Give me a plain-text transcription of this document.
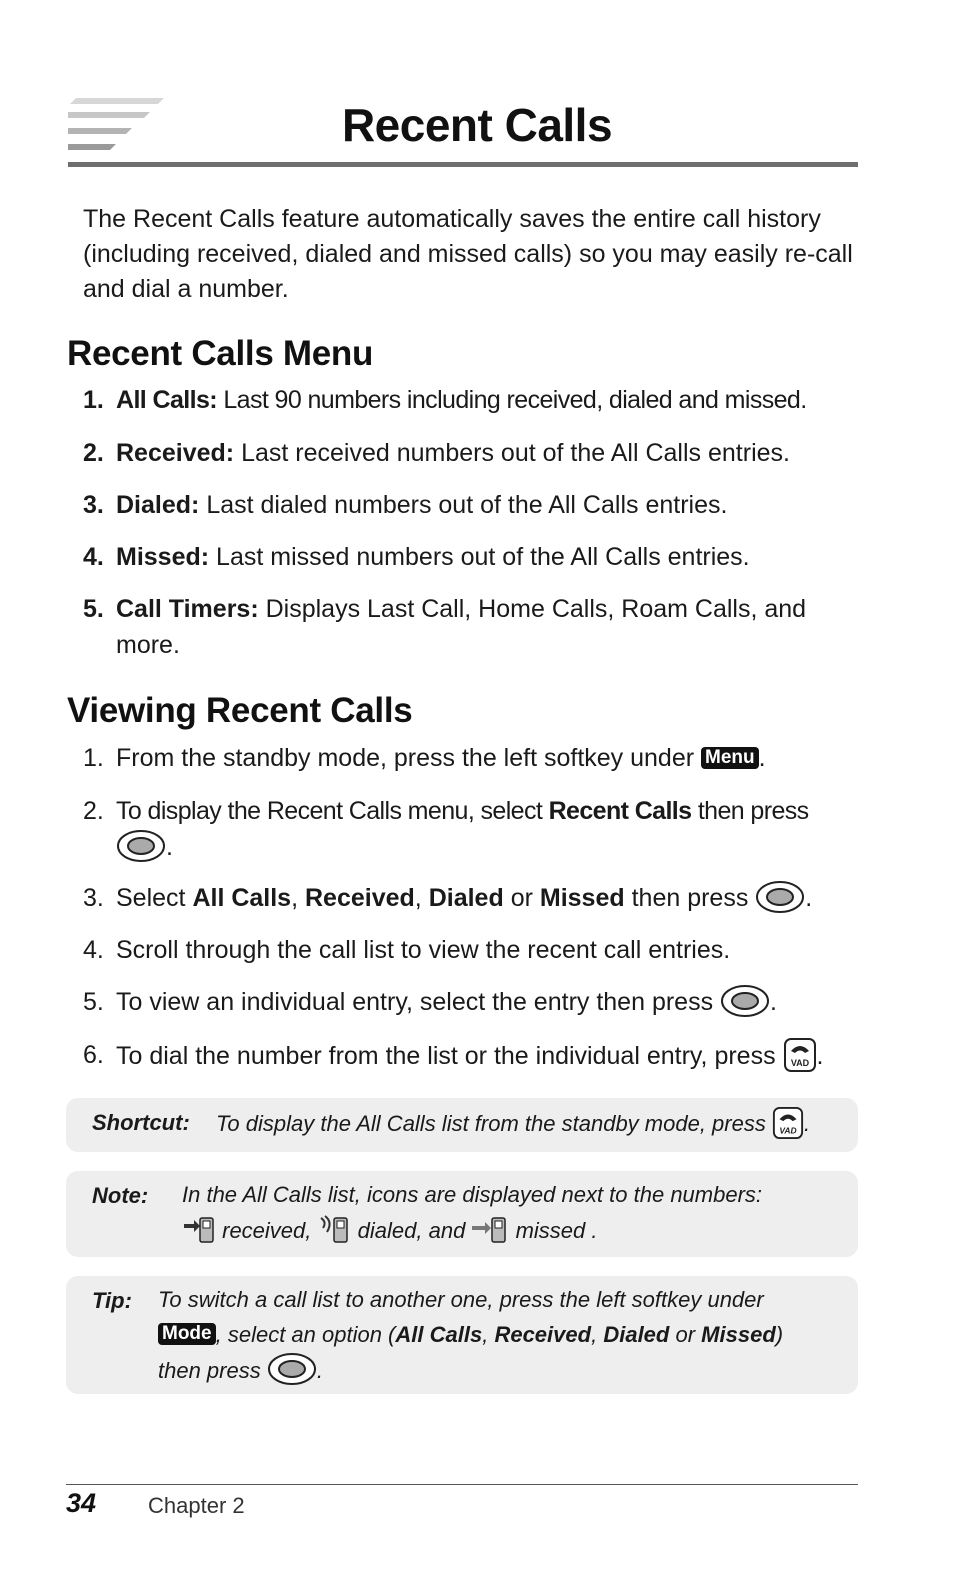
Recent Calls

The Recent Calls feature automatically saves the entire call history (including received, dialed and missed calls) so you may easily re-call and dial a number.

Recent Calls Menu
1. All Calls: Last 90 numbers including received, dialed and missed.
2. Received: Last received numbers out of the All Calls entries.
3. Dialed: Last dialed numbers out of the All Calls entries.
4. Missed: Last missed numbers out of the All Calls entries.
5. Call Timers: Displays Last Call, Home Calls, Roam Calls, and more.
Viewing Recent Calls
1. From the standby mode, press the left softkey under Menu .
2. To display the Recent Calls menu, select Recent Calls then press
.
3. Select All Calls, Received, Dialed or Missed then press .
4. Scroll through the call list to view the recent call entries.
5. To view an individual entry, select the entry then press .
6. To dial the number from the list or the individual entry, press VAD .
Shortcut: To display the All Calls list from the standby mode, press VAD .
Note: In the All Calls list, icons are displayed next to the numbers:
received, dialed, and missed .
Tip: To switch a call list to another one, press the left softkey under
Mode , select an option (All Calls, Received, Dialed or Missed)
then press	.
34 Chapter 2
